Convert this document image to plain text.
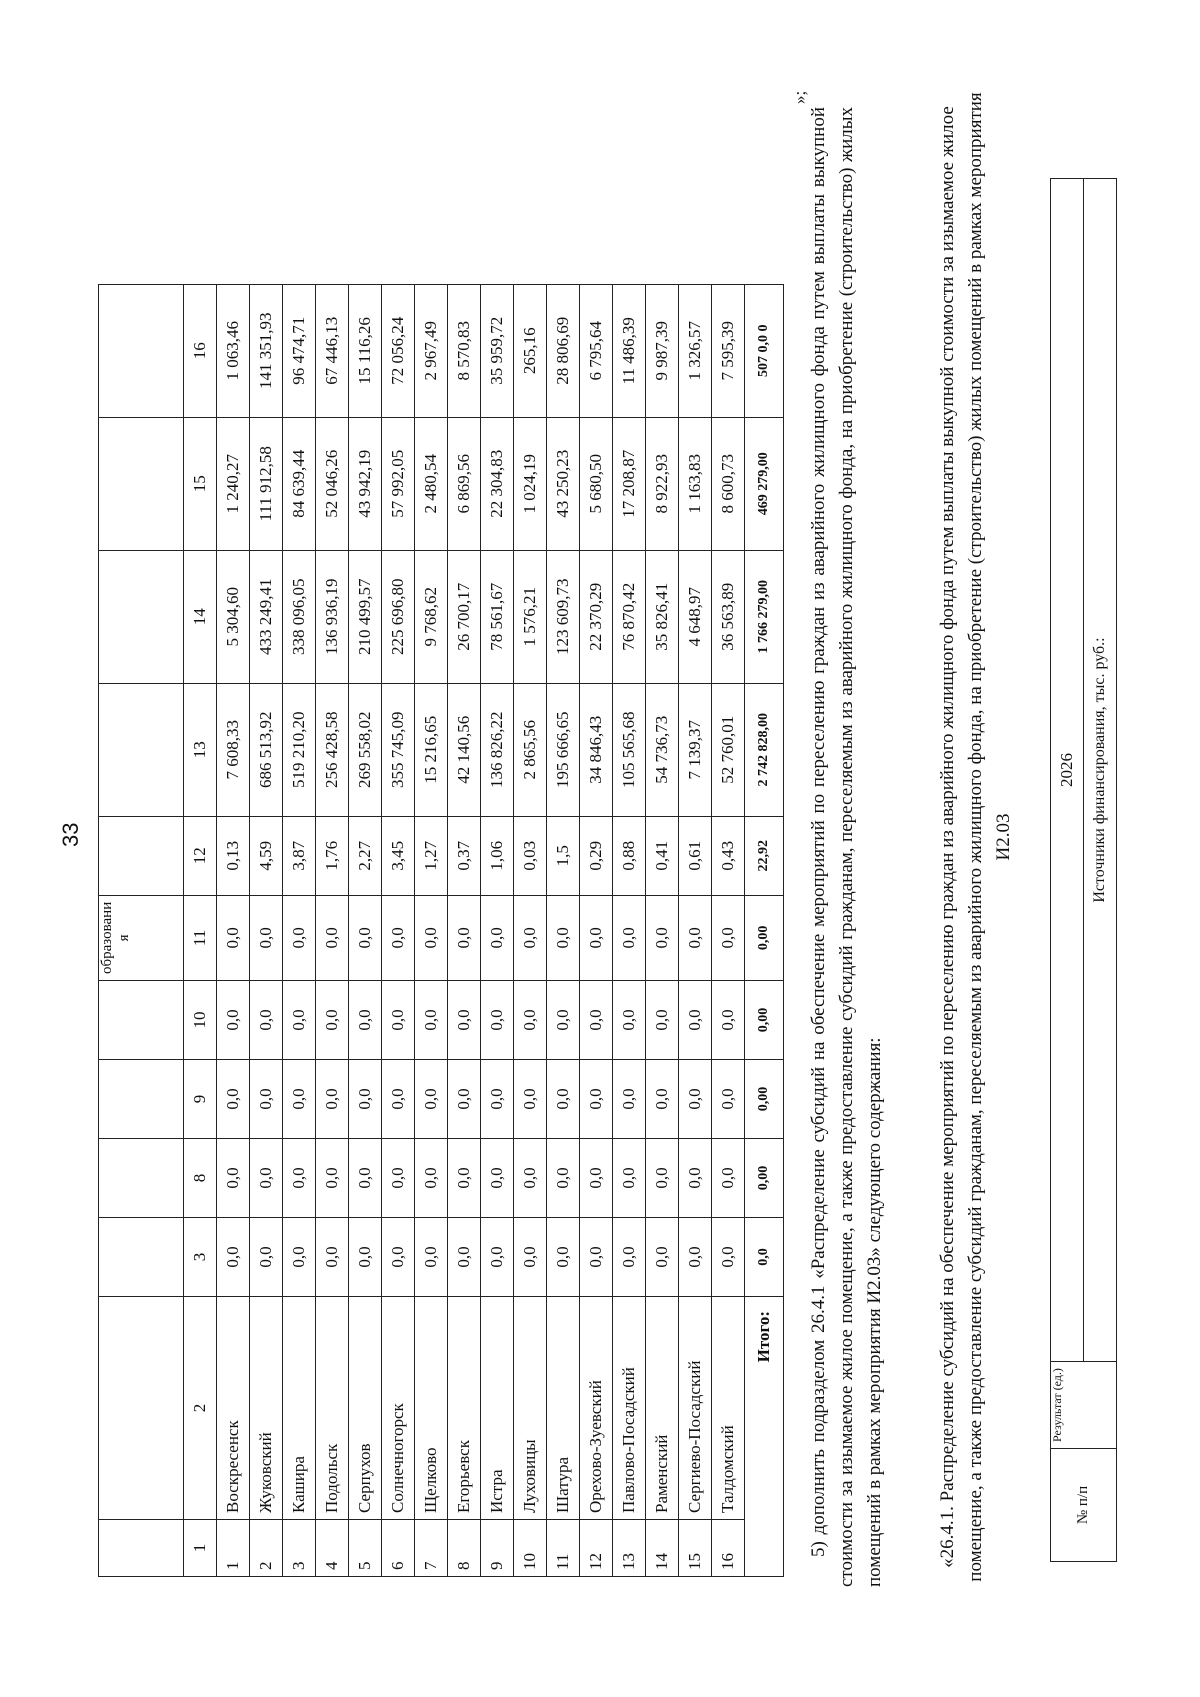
33
						образовани я					
1	2	3	8	9	10	11	12	13	14	15	16
1	Воскресенск	0,0	0,0	0,0	0,0	0,0	0,13	7 608,33	5 304,60	1 240,27	1 063,46
2	Жуковский	0,0	0,0	0,0	0,0	0,0	4,59	686 513,92	433 249,41	111 912,58	141 351,93
3	Кашира	0,0	0,0	0,0	0,0	0,0	3,87	519 210,20	338 096,05	84 639,44	96 474,71
4	Подольск	0,0	0,0	0,0	0,0	0,0	1,76	256 428,58	136 936,19	52 046,26	67 446,13
5	Серпухов	0,0	0,0	0,0	0,0	0,0	2,27	269 558,02	210 499,57	43 942,19	15 116,26
6	Солнечногорск	0,0	0,0	0,0	0,0	0,0	3,45	355 745,09	225 696,80	57 992,05	72 056,24
7	Щелково	0,0	0,0	0,0	0,0	0,0	1,27	15 216,65	9 768,62	2 480,54	2 967,49
8	Егорьевск	0,0	0,0	0,0	0,0	0,0	0,37	42 140,56	26 700,17	6 869,56	8 570,83
9	Истра	0,0	0,0	0,0	0,0	0,0	1,06	136 826,22	78 561,67	22 304,83	35 959,72
10	Луховицы	0,0	0,0	0,0	0,0	0,0	0,03	2 865,56	1 576,21	1 024,19	265,16
11	Шатура	0,0	0,0	0,0	0,0	0,0	1,5	195 666,65	123 609,73	43 250,23	28 806,69
12	Орехово-Зуевский	0,0	0,0	0,0	0,0	0,0	0,29	34 846,43	22 370,29	5 680,50	6 795,64
13	Павлово-Посадский	0,0	0,0	0,0	0,0	0,0	0,88	105 565,68	76 870,42	17 208,87	11 486,39
14	Раменский	0,0	0,0	0,0	0,0	0,0	0,41	54 736,73	35 826,41	8 922,93	9 987,39
15	Сергиево-Посадский	0,0	0,0	0,0	0,0	0,0	0,61	7 139,37	4 648,97	1 163,83	1 326,57
16	Талдомский	0,0	0,0	0,0	0,0	0,0	0,43	52 760,01	36 563,89	8 600,73	7 595,39
Итого:		0,0	0,00	0,00	0,00	0,00	22,92	2 742 828,00	1 766 279,00	469 279,00	507 0,0 0
»;

5) дополнить подразделом 26.4.1 «Распределение субсидий на обеспечение мероприятий по переселению граждан из аварийного жилищного фонда путем выплаты выкупной стоимости за изымаемое жилое помещение, а также предоставление субсидий гражданам, переселяемым из аварийного жилищного фонда, на приобретение (строительство) жилых помещений в рамках мероприятия И2.03» следующего содержания:	«26.4.1. Распределение субсидий на обеспечение мероприятий по переселению граждан из аварийного жилищного фонда путем выплаты выкупной стоимости за изымаемое жилое помещение, а также предоставление субсидий гражданам, переселяемым из аварийного жилищного фонда, на приобретение (строительство) жилых помещений в рамках мероприятия И2.03
№ п/п	Результат (ед.)	2026
Источники финансирования, тыс. руб.:
